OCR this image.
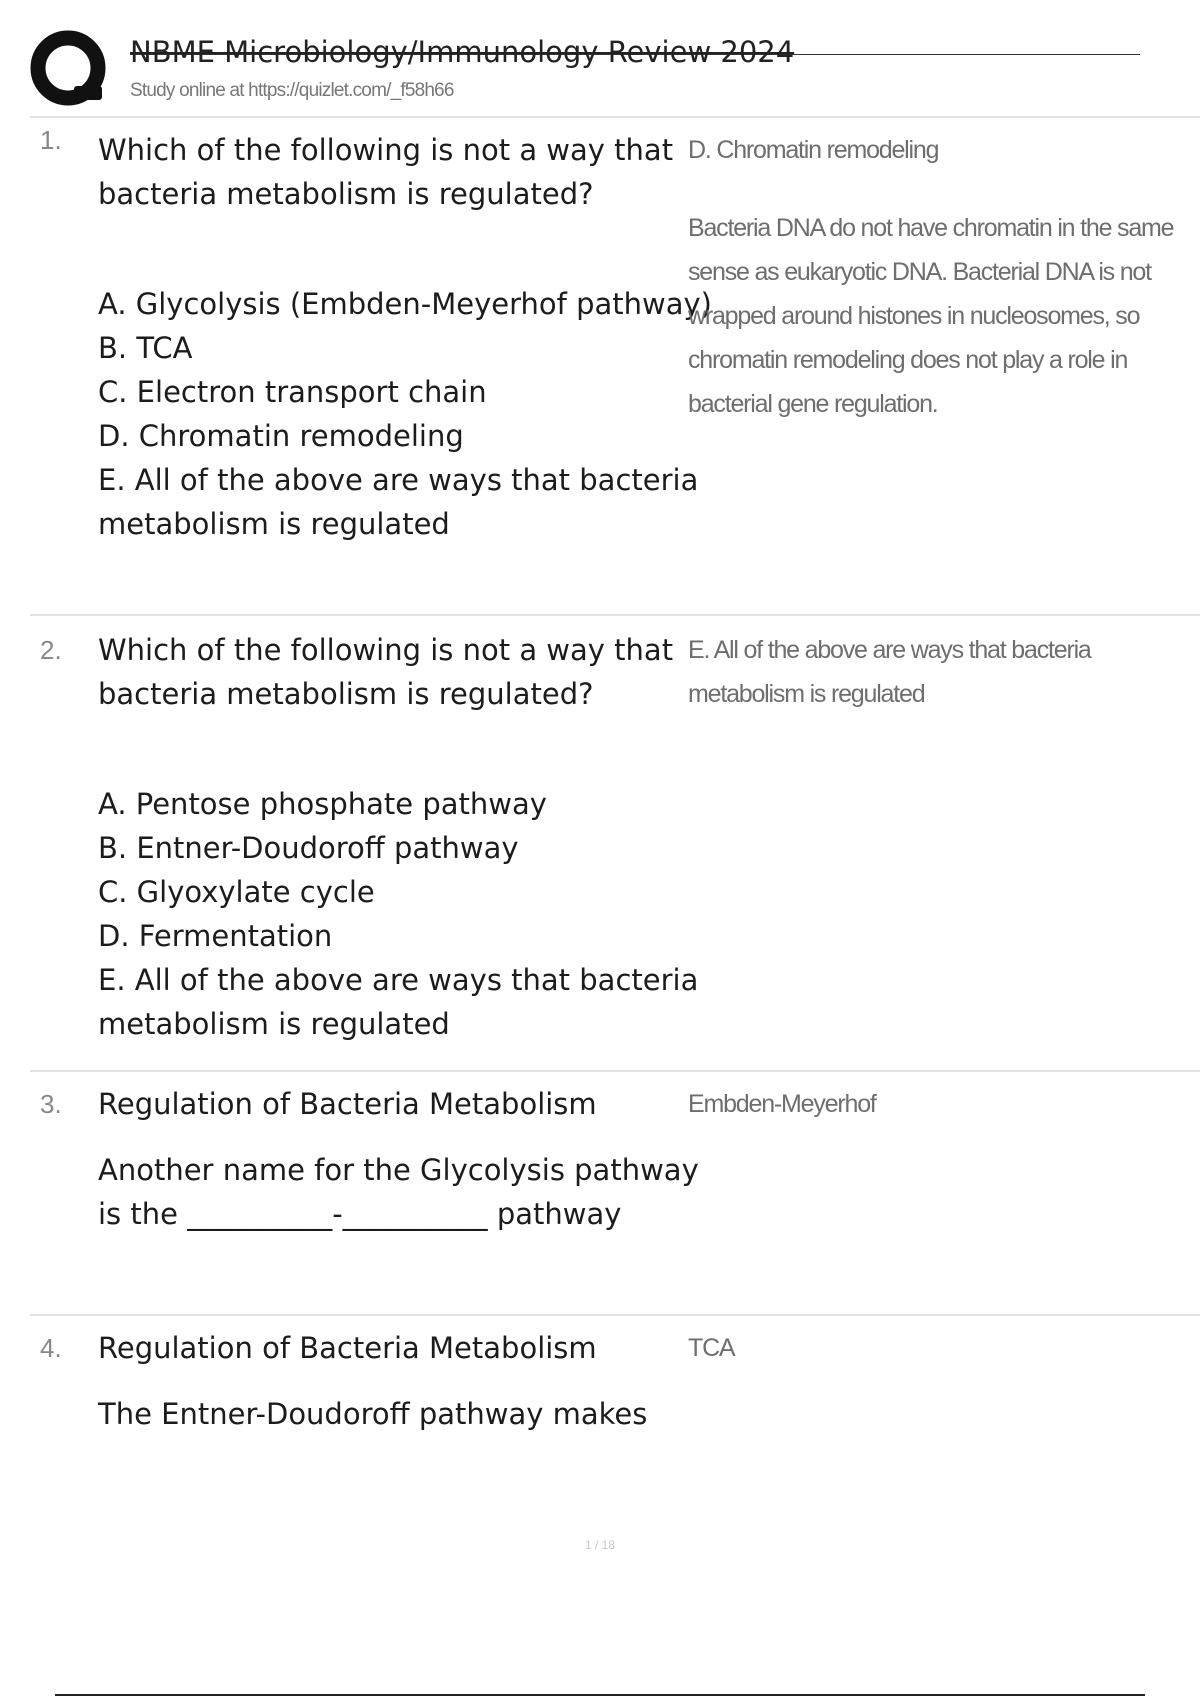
NBME Microbiology/Immunology Review 2024
Study online at https://quizlet.com/_f58h66
1. Which of the following is not a way that bacteria metabolism is regulated?

A. Glycolysis (Embden-Meyerhof pathway)

B. TCA

C. Electron transport chain

D. Chromatin remodeling

E. All of the above are ways that bacteria metabolism is regulated

D. Chromatin remodeling

Bacteria DNA do not have chromatin in the same sense as eukaryotic DNA. Bacterial DNA is not wrapped around histones in nucleosomes, so chromatin remodeling does not play a role in bacterial gene regulation.

2. Which of the following is not a way that bacteria metabolism is regulated?

A. Pentose phosphate pathway

B. Entner-Doudoroff pathway

C. Glyoxylate cycle

D. Fermentation

E. All of the above are ways that bacteria metabolism is regulated

E. All of the above are ways that bacteria metabolism is regulated

3. Regulation of Bacteria Metabolism

Another name for the Glycolysis pathway is the __________-__________ pathway

Embden-Meyerhof

4. Regulation of Bacteria Metabolism

The Entner-Doudoroff pathway makes

TCA

1 / 18
